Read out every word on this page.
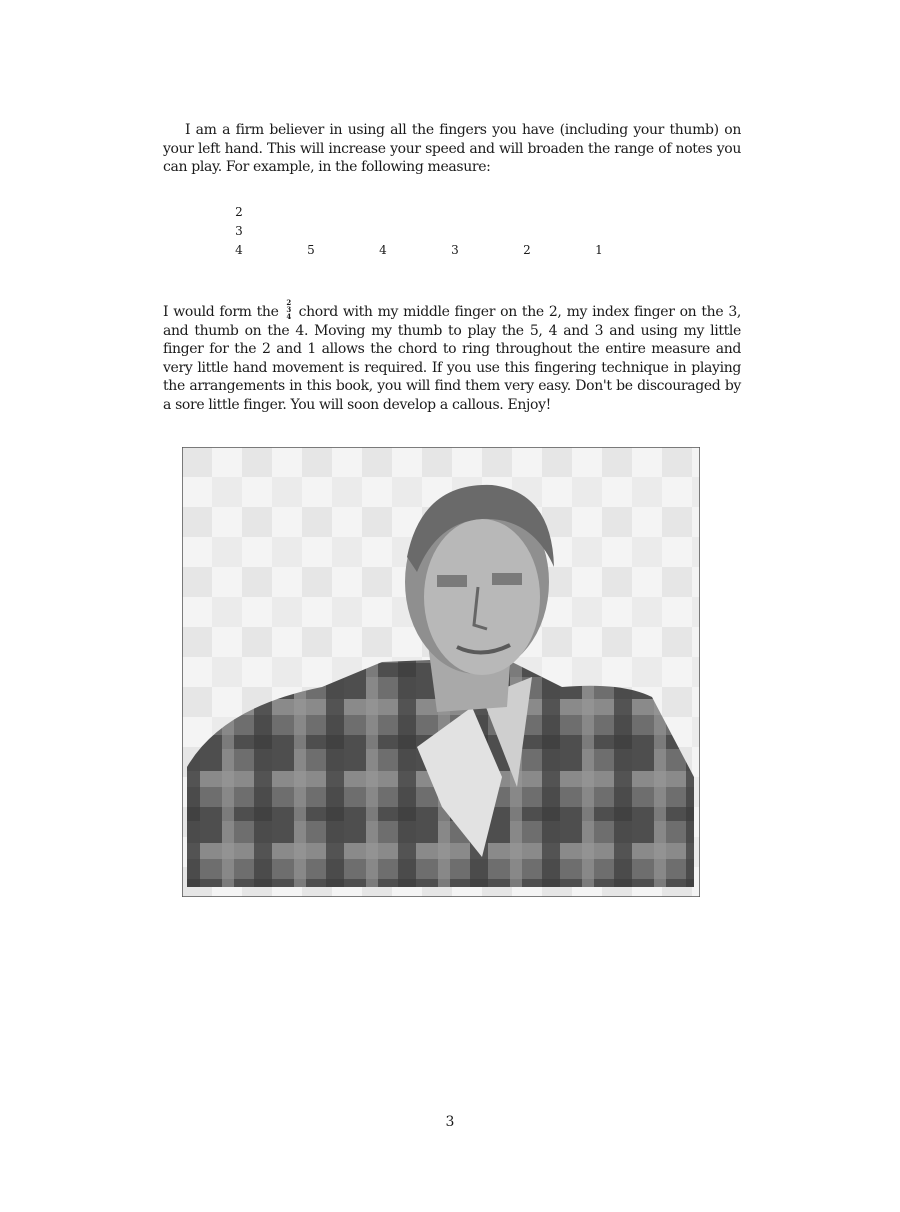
I am a firm believer in using all the fingers you have (including your thumb) on your left hand. This will increase your speed and will broaden the range of notes you can play. For example, in the following measure:

2
3
4	5	4	3	2	1

I would form the
2
3
4 chord with my middle finger on the 2, my index finger on the 3, and thumb on the 4. Moving my thumb to play the 5, 4 and 3 and using my little finger for the 2 and 1 allows the chord to ring throughout the entire measure and very little hand movement is required. If you use this fingering technique in playing the arrangements in this book, you will find them very easy. Don't be discouraged by a sore little finger. You will soon develop a callous. Enjoy!

3
